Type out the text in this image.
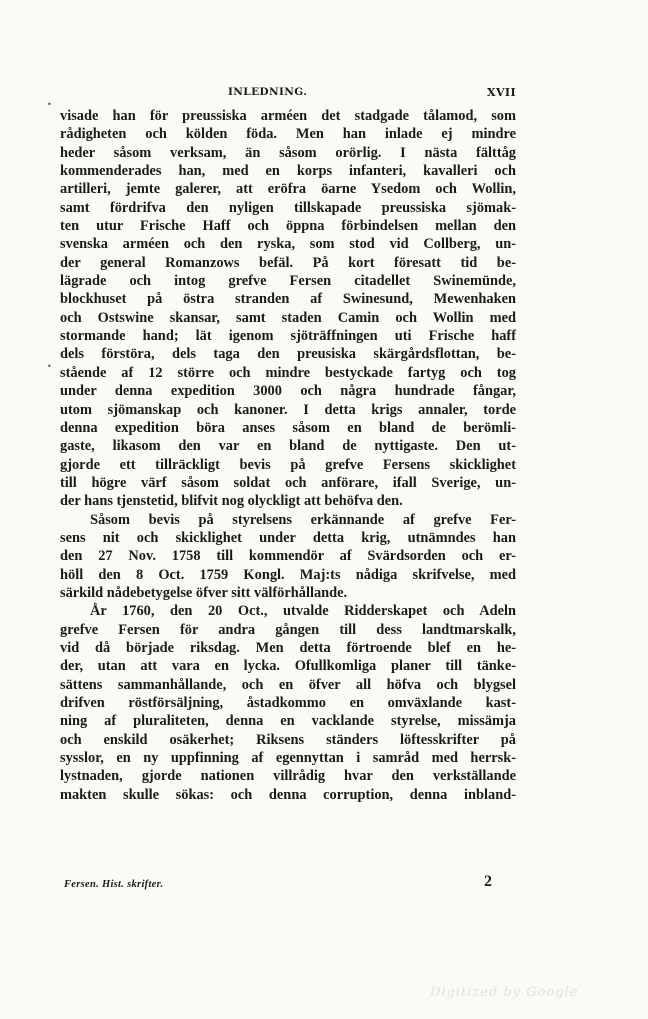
INLEDNING.	XVII
•
•
visade han för preussiska arméen det stadgade tålamod, som
rådigheten och kölden föda. Men han inlade ej mindre
heder såsom verksam, än såsom orörlig. I nästa fälttåg
kommenderades han, med en korps infanteri, kavalleri och
artilleri, jemte galerer, att eröfra öarne Ysedom och Wollin,
samt fördrifva den nyligen tillskapade preussiska sjömak-
ten utur Frische Haff och öppna förbindelsen mellan den
svenska arméen och den ryska, som stod vid Collberg, un-
der general Romanzows befäl. På kort föresatt tid be-
lägrade och intog grefve Fersen citadellet Swinemünde,
blockhuset på östra stranden af Swinesund, Mewenhaken
och Ostswine skansar, samt staden Camin och Wollin med
stormande hand; lät igenom sjöträffningen uti Frische haff
dels förstöra, dels taga den preusiska skärgårdsflottan, be-
stående af 12 större och mindre bestyckade fartyg och tog
under denna expedition 3000 och några hundrade fångar,
utom sjömanskap och kanoner. I detta krigs annaler, torde
denna expedition böra anses såsom en bland de berömli-
gaste, likasom den var en bland de nyttigaste. Den ut-
gjorde ett tillräckligt bevis på grefve Fersens skicklighet
till högre värf såsom soldat och anförare, ifall Sverige, un-
der hans tjenstetid, blifvit nog olyckligt att behöfva den.
Såsom bevis på styrelsens erkännande af grefve Fer-
sens nit och skicklighet under detta krig, utnämndes han
den 27 Nov. 1758 till kommendör af Svärdsorden och er-
höll den 8 Oct. 1759 Kongl. Maj:ts nådiga skrifvelse, med
särkild nådebetygelse öfver sitt välförhållande.
År 1760, den 20 Oct., utvalde Ridderskapet och Adeln
grefve Fersen för andra gången till dess landtmarskalk,
vid då började riksdag. Men detta förtroende blef en he-
der, utan att vara en lycka. Ofullkomliga planer till tänke-
sättens sammanhållande, och en öfver all höfva och blygsel
drifven röstförsäljning, åstadkommo en omväxlande kast-
ning af pluraliteten, denna en vacklande styrelse, missämja
och enskild osäkerhet; Riksens ständers löftesskrifter på
sysslor, en ny uppfinning af egennyttan i samråd med herrsk-
lystnaden, gjorde nationen villrådig hvar den verkställande
makten skulle sökas: och denna corruption, denna inbland-
Fersen. Hist. skrifter.	2
Digitized by Google
